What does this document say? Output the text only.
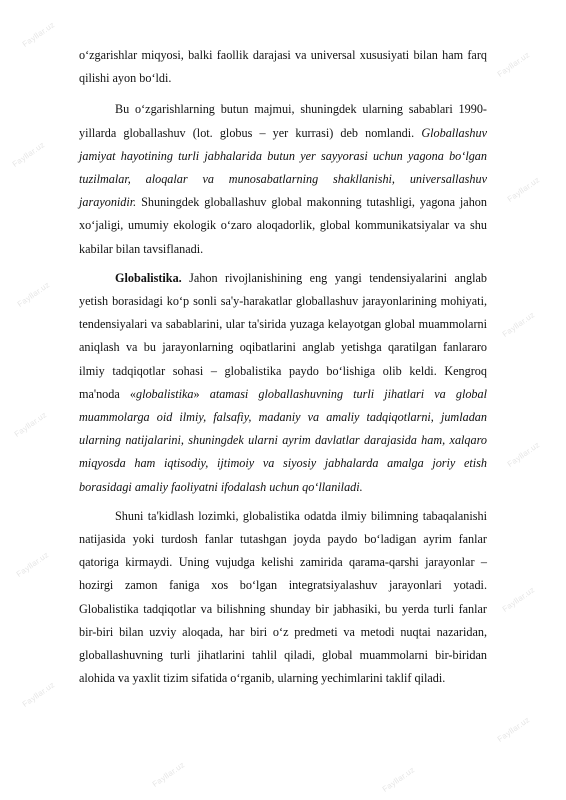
Fayllar.uz
Fayllar.uz
Fayllar.uz
Fayllar.uz
Fayllar.uz
Fayllar.uz
Fayllar.uz
Fayllar.uz
Fayllar.uz
Fayllar.uz
Fayllar.uz
Fayllar.uz
Fayllar.uz	Fayllar.uz

o‘zgarishlar miqyosi, balki faollik darajasi va universal xususiyati bilan ham farq qilishi ayon bo‘ldi.

Bu o‘zgarishlarning butun majmui, shuningdek ularning sabablari 1990-yillarda globallashuv (lot. globus – yer kurrasi) deb nomlandi. Globallashuv jamiyat hayotining turli jabhalarida butun yer sayyorasi uchun yagona bo‘lgan tuzilmalar, aloqalar va munosabatlarning shakllanishi, universallashuv jarayonidir. Shuningdek globallashuv global makonning tutashligi, yagona jahon xo‘jaligi, umumiy ekologik o‘zaro aloqadorlik, global kommunikatsiyalar va shu kabilar bilan tavsiflanadi.

Globalistika. Jahon rivojlanishining eng yangi tendensiyalarini anglab yetish borasidagi ko‘p sonli sa'y-harakatlar globallashuv jarayonlarining mohiyati, tendensiyalari va sabablarini, ular ta'sirida yuzaga kelayotgan global muammolarni aniqlash va bu jarayonlarning oqibatlarini anglab yetishga qaratilgan fanlararo ilmiy tadqiqotlar sohasi – globalistika paydo bo‘lishiga olib keldi. Kengroq ma'noda «globalistika» atamasi globallashuvning turli jihatlari va global muammolarga oid ilmiy, falsafiy, madaniy va amaliy tadqiqotlarni, jumladan ularning natijalarini, shuningdek ularni ayrim davlatlar darajasida ham, xalqaro miqyosda ham iqtisodiy, ijtimoiy va siyosiy jabhalarda amalga joriy etish borasidagi amaliy faoliyatni ifodalash uchun qo‘llaniladi.

Shuni ta'kidlash lozimki, globalistika odatda ilmiy bilimning tabaqalanishi natijasida yoki turdosh fanlar tutashgan joyda paydo bo‘ladigan ayrim fanlar qatoriga kirmaydi. Uning vujudga kelishi zamirida qarama-qarshi jarayonlar – hozirgi zamon faniga xos bo‘lgan integratsiyalashuv jarayonlari yotadi. Globalistika tadqiqotlar va bilishning shunday bir jabhasiki, bu yerda turli fanlar bir-biri bilan uzviy aloqada, har biri o‘z predmeti va metodi nuqtai nazaridan, globallashuvning turli jihatlarini tahlil qiladi, global muammolarni bir-biridan alohida va yaxlit tizim sifatida o‘rganib, ularning yechimlarini taklif qiladi.
